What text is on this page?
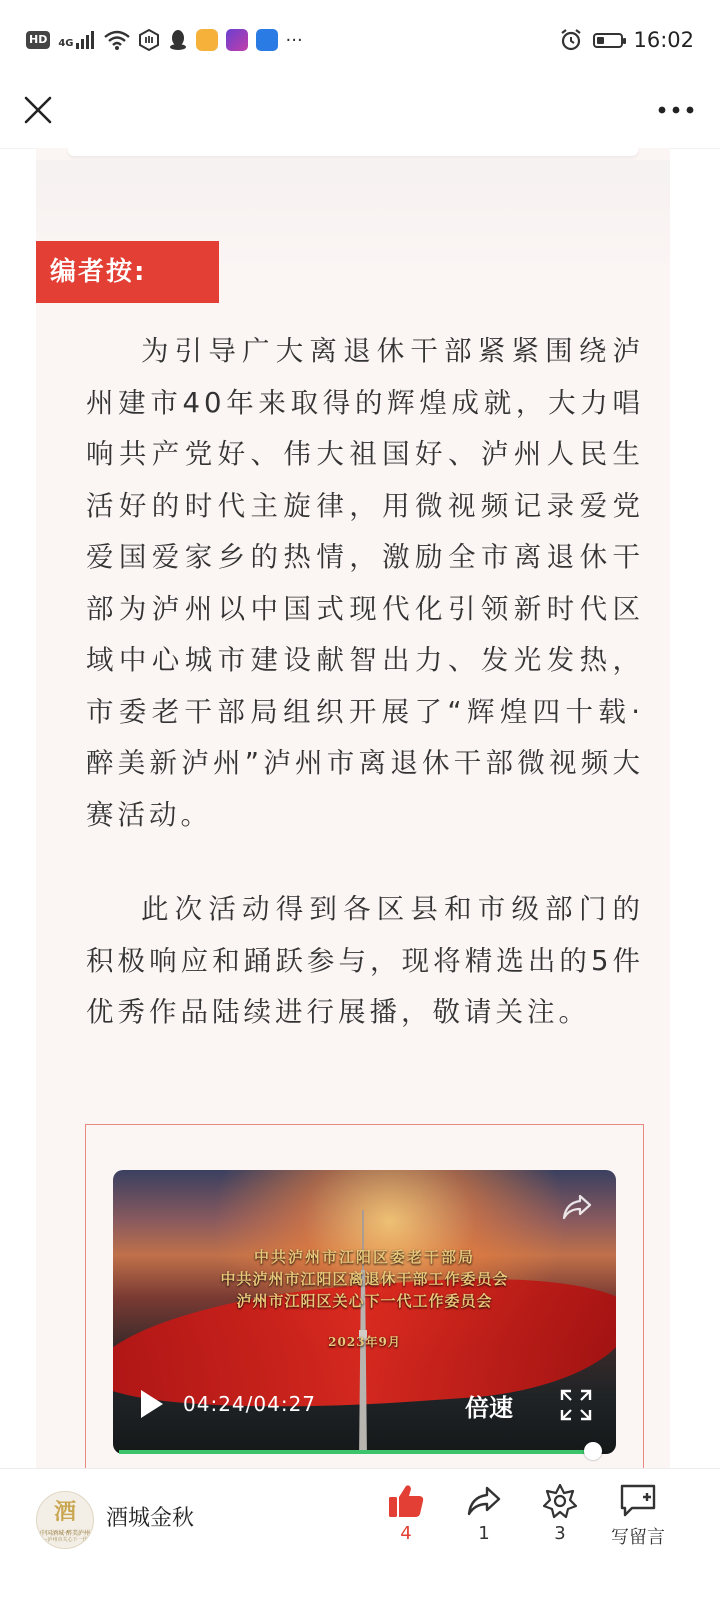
HD	4G	···	16:02
编者按:

为引导广大离退休干部紧紧围绕泸州建市40年来取得的辉煌成就，大力唱响共产党好、伟大祖国好、泸州人民生活好的时代主旋律，用微视频记录爱党爱国爱家乡的热情，激励全市离退休干部为泸州以中国式现代化引领新时代区域中心城市建设献智出力、发光发热，市委老干部局组织开展了“辉煌四十载·醉美新泸州”泸州市离退休干部微视频大赛活动。

此次活动得到各区县和市级部门的积极响应和踊跃参与，现将精选出的5件优秀作品陆续进行展播，敬请关注。

中共泸州市江阳区委老干部局
中共泸州市江阳区离退休干部工作委员会
泸州市江阳区关心下一代工作委员会
2023年9月
04:24/04:27	倍速
酒
中国酒城·醉美泸州
—泸州市关心下一代
酒城金秋
4	1	3	写留言
